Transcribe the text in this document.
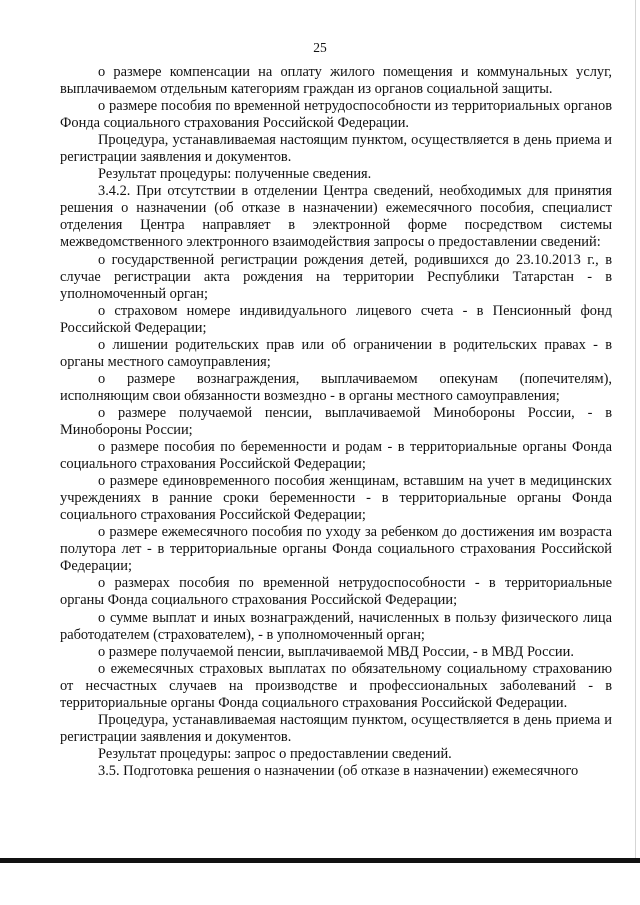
25

о размере компенсации на оплату жилого помещения и коммунальных услуг, выплачиваемом отдельным категориям граждан из органов социальной защиты.

о размере пособия по временной нетрудоспособности из территориальных органов Фонда социального страхования Российской Федерации.

Процедура, устанавливаемая настоящим пунктом, осуществляется в день приема и регистрации заявления и документов.

Результат процедуры: полученные сведения.

3.4.2. При отсутствии в отделении Центра сведений, необходимых для принятия решения о назначении (об отказе в назначении) ежемесячного пособия, специалист отделения Центра направляет в электронной форме посредством системы межведомственного электронного взаимодействия запросы о предоставлении сведений:

о государственной регистрации рождения детей, родившихся до 23.10.2013 г., в случае регистрации акта рождения на территории Республики Татарстан - в уполномоченный орган;

о страховом номере индивидуального лицевого счета - в Пенсионный фонд Российской Федерации;

о лишении родительских прав или об ограничении в родительских правах - в органы местного самоуправления;

о размере вознаграждения, выплачиваемом опекунам (попечителям), исполняющим свои обязанности возмездно - в органы местного самоуправления;

о размере получаемой пенсии, выплачиваемой Минобороны России, - в Минобороны России;

о размере пособия по беременности и родам - в территориальные органы Фонда социального страхования Российской Федерации;

о размере единовременного пособия женщинам, вставшим на учет в медицинских учреждениях в ранние сроки беременности - в территориальные органы Фонда социального страхования Российской Федерации;

о размере ежемесячного пособия по уходу за ребенком до достижения им возраста полутора лет - в территориальные органы Фонда социального страхования Российской Федерации;

о размерах пособия по временной нетрудоспособности - в территориальные органы Фонда социального страхования Российской Федерации;

о сумме выплат и иных вознаграждений, начисленных в пользу физического лица работодателем (страхователем), - в уполномоченный орган;

о размере получаемой пенсии, выплачиваемой МВД России, - в МВД России.

о ежемесячных страховых выплатах по обязательному социальному страхованию от несчастных случаев на производстве и профессиональных заболеваний - в территориальные органы Фонда социального страхования Российской Федерации.

Процедура, устанавливаемая настоящим пунктом, осуществляется в день приема и регистрации заявления и документов.

Результат процедуры: запрос о предоставлении сведений.

3.5. Подготовка решения о назначении (об отказе в назначении) ежемесячного
